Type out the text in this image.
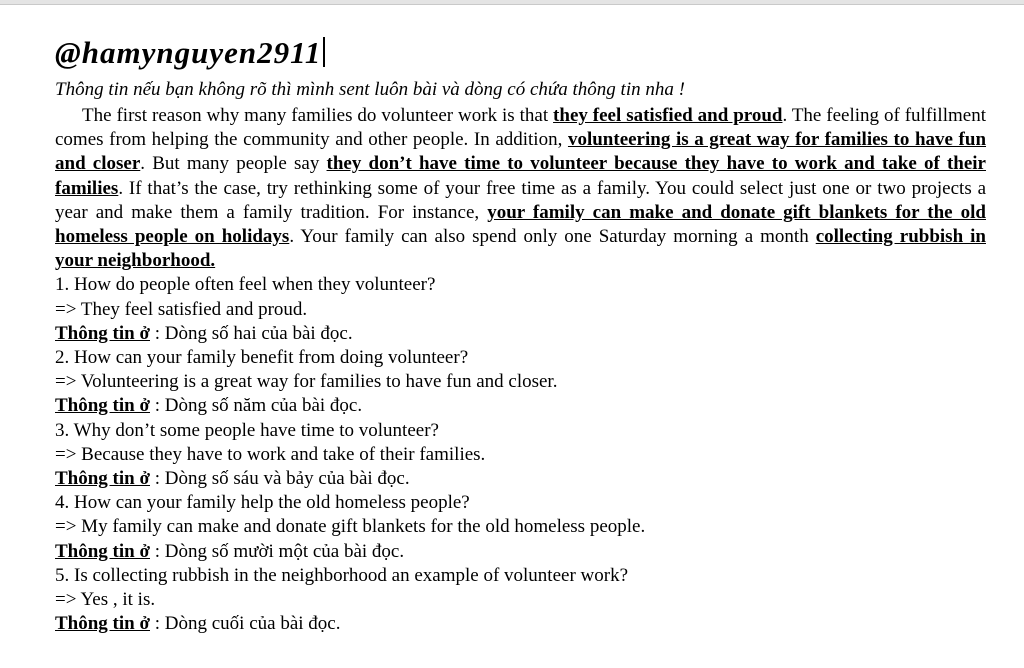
@hamynguyen2911

Thông tin nếu bạn không rõ thì mình sent luôn bài và dòng có chứa thông tin nha !

The first reason why many families do volunteer work is that they feel satisfied and proud. The feeling of fulfillment comes from helping the community and other people. In addition, volunteering is a great way for families to have fun and closer. But many people say they don’t have time to volunteer because they have to work and take of their families. If that’s the case, try rethinking some of your free time as a family. You could select just one or two projects a year and make them a family tradition. For instance, your family can make and donate gift blankets for the old homeless people on holidays. Your family can also spend only one Saturday morning a month collecting rubbish in your neighborhood.

1. How do people often feel when they volunteer?
=> They feel satisfied and proud.
Thông tin ở : Dòng số hai của bài đọc.
2. How can your family benefit from doing volunteer?
=> Volunteering is a great way for families to have fun and closer.
Thông tin ở : Dòng số năm của bài đọc.
3. Why don’t some people have time to volunteer?
=> Because they have to work and take of their families.
Thông tin ở : Dòng số sáu và bảy của bài đọc.
4. How can your family help the old homeless people?
=> My family can make and donate gift blankets for the old homeless people.
Thông tin ở : Dòng số mười một của bài đọc.
5. Is collecting rubbish in the neighborhood an example of volunteer work?
=> Yes , it is.
Thông tin ở : Dòng cuối của bài đọc.
